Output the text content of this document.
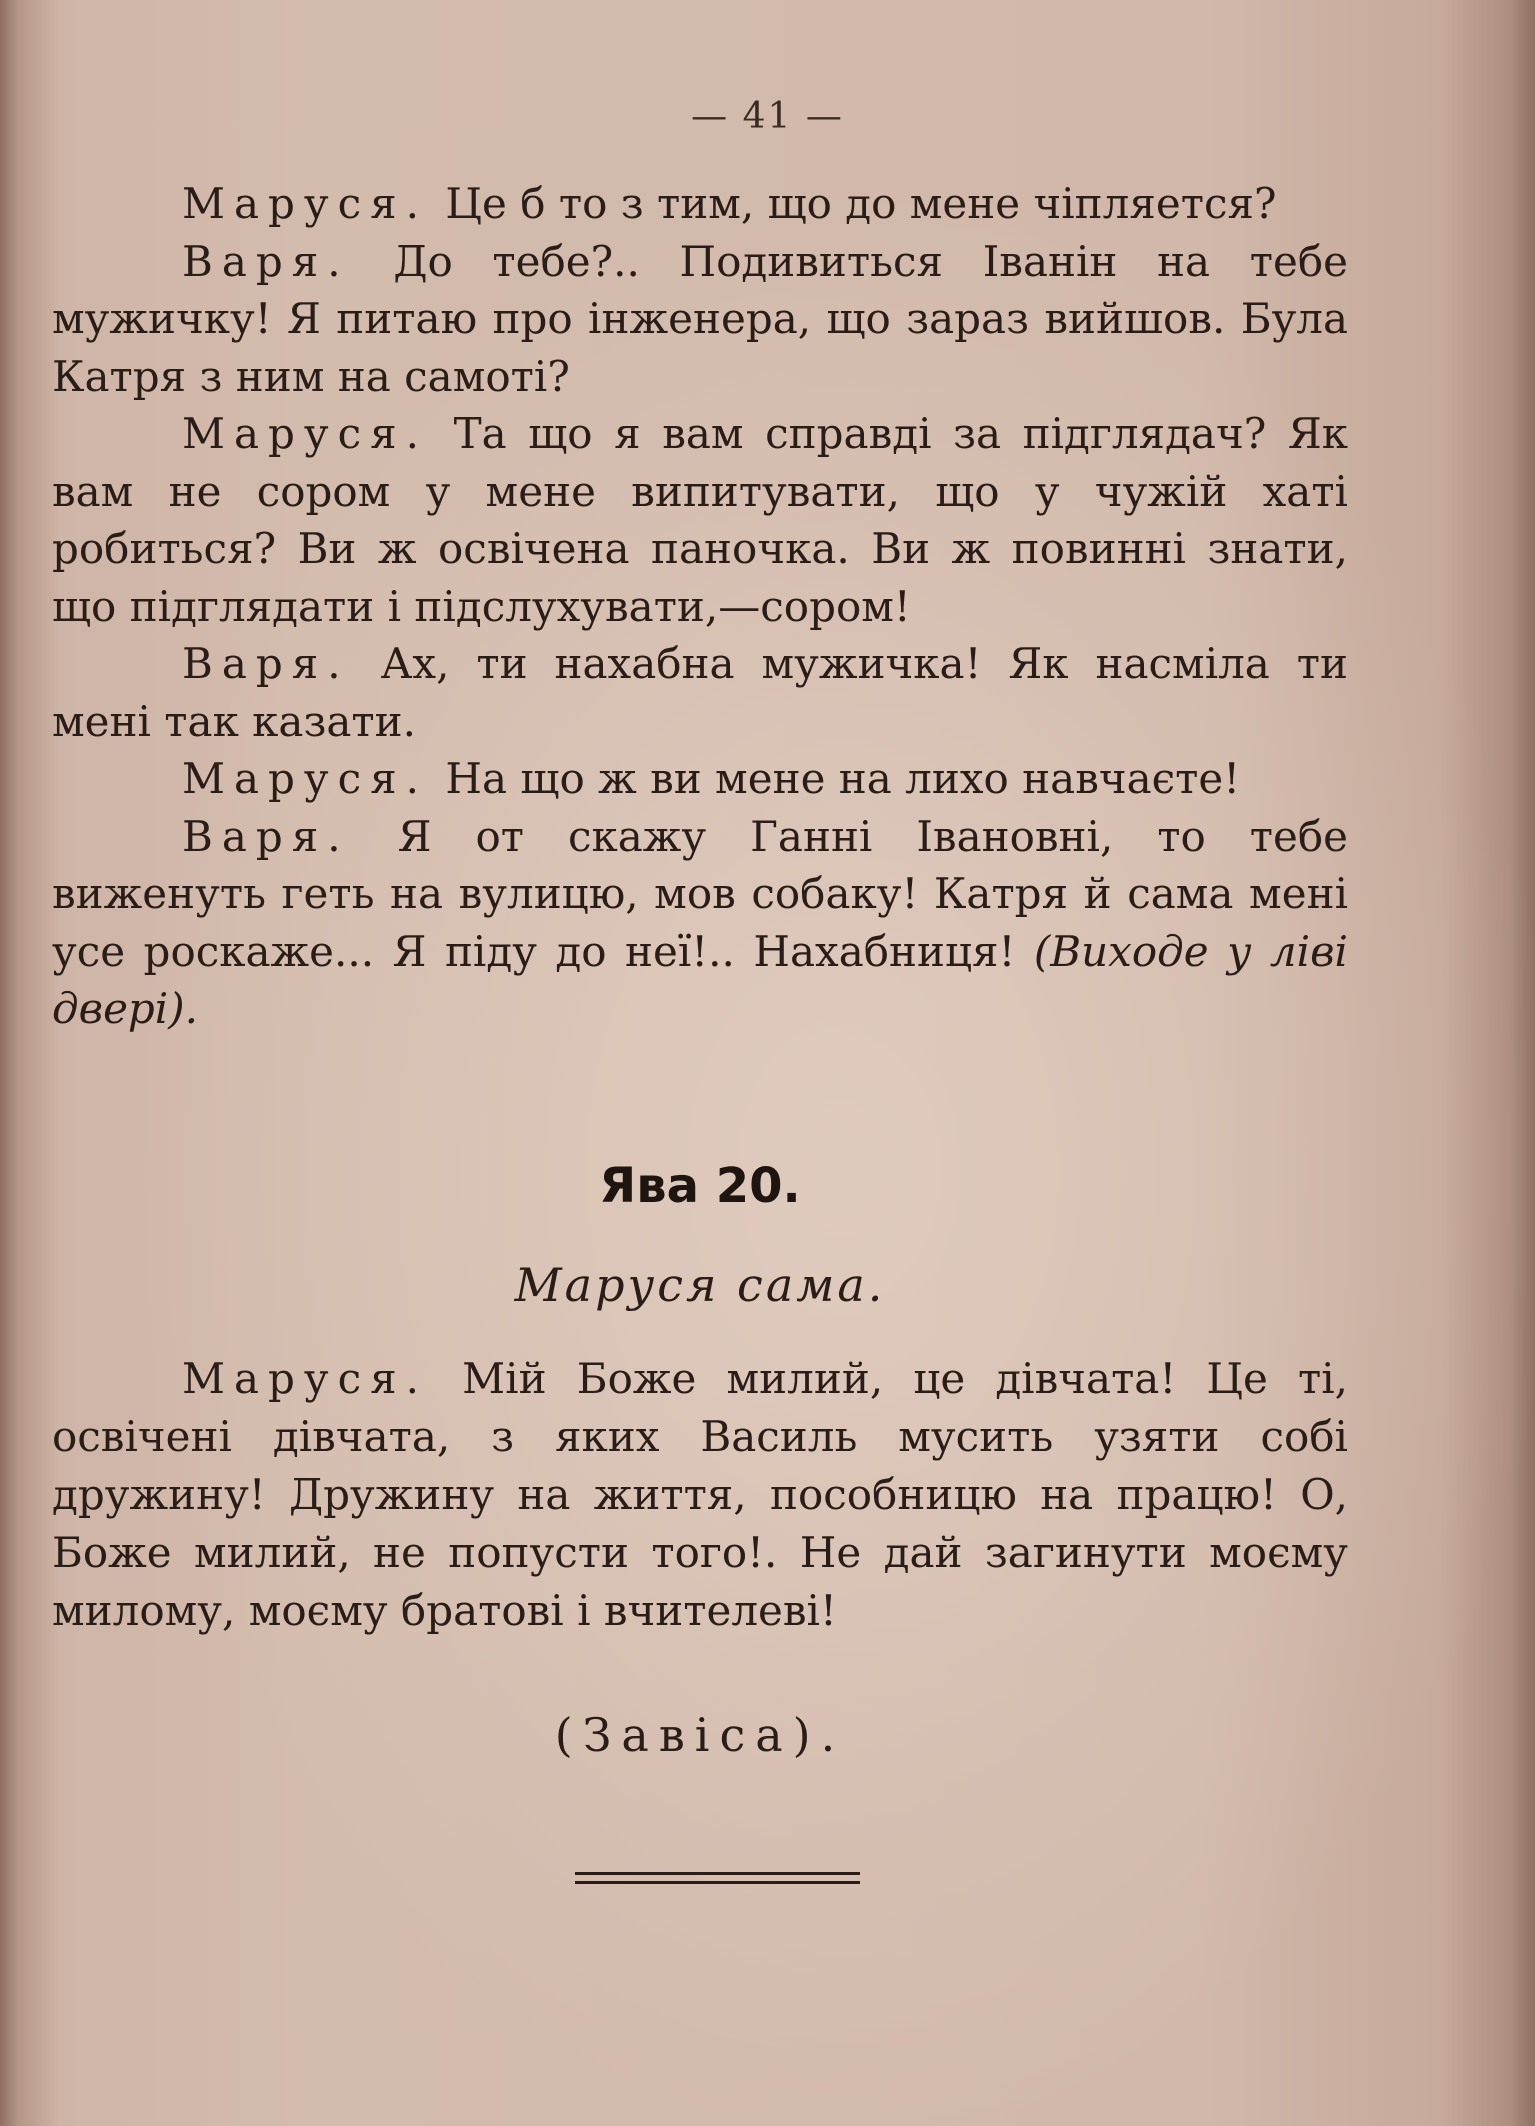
— 41 —

Маруся. Це б то з тим, що до мене чіпляется?

Варя. До тебе?.. Подивиться Іванін на тебе мужичку! Я питаю про інженера, що зараз вийшов. Була Катря з ним на самоті?

Маруся. Та що я вам справді за підглядач? Як вам не сором у мене випитувати, що у чужій хаті робиться? Ви ж освічена паночка. Ви ж повинні знати, що підглядати і підслухувати,—сором!

Варя. Ах, ти нахабна мужичка! Як насміла ти мені так казати.

Маруся. На що ж ви мене на лихо навчаєте!

Варя. Я от скажу Ганні Івановні, то тебе виженуть геть на вулицю, мов собаку! Катря й сама мені усе роскаже... Я піду до неї!.. Нахабниця! (Виходе у ліві двері).

Ява 20.
Маруся сама.

Маруся. Мій Боже милий, це дівчата! Це ті, освічені дівчата, з яких Василь мусить узяти собі дружину! Дружину на життя, пособницю на працю! О, Боже милий, не попусти того!. Не дай загинути моєму милому, моєму братові і вчителеві!

(Завіса).
